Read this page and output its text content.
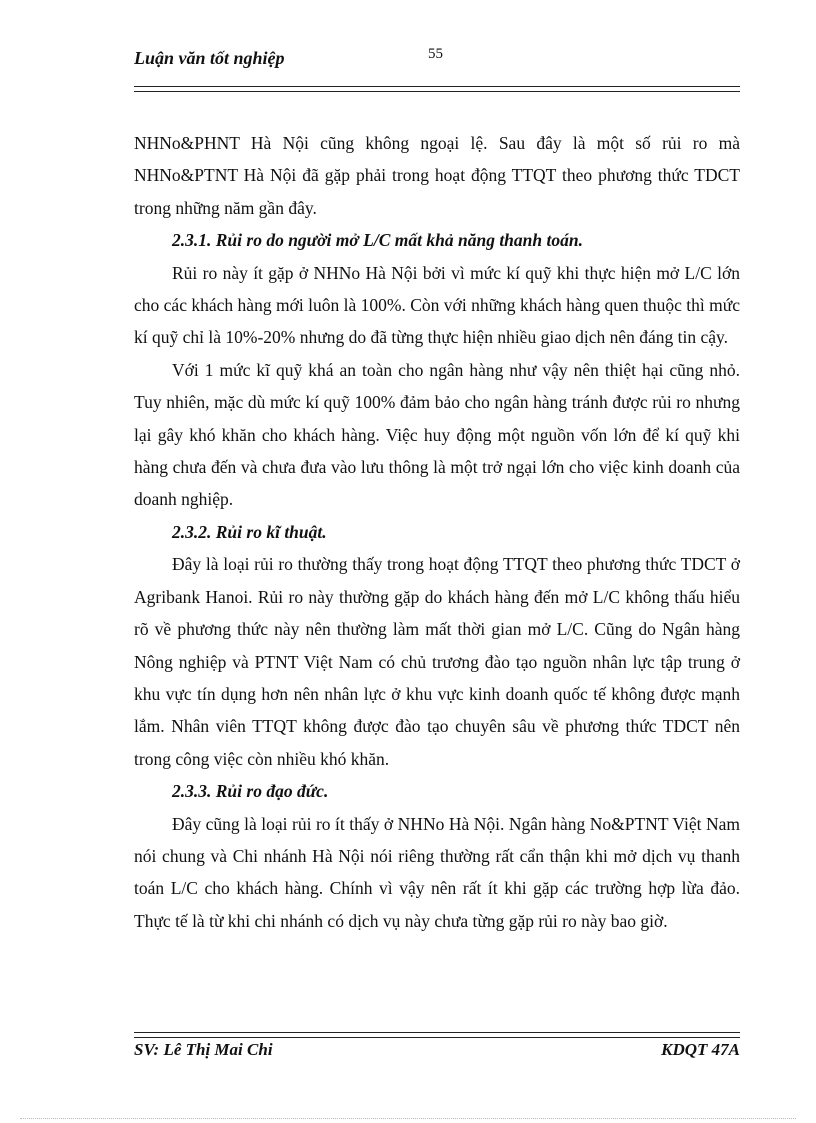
Luận văn tốt nghiệp	55

NHNo&PHNT Hà Nội cũng không ngoại lệ. Sau đây là một số rủi ro mà NHNo&PTNT Hà Nội đã gặp phải trong hoạt động TTQT theo phương thức TDCT trong những năm gần đây.

2.3.1. Rủi ro do người mở L/C mất khả năng thanh toán.

Rủi ro này ít gặp ở NHNo Hà Nội bởi vì mức kí quỹ khi thực hiện mở L/C lớn cho các khách hàng mới luôn là 100%. Còn với những khách hàng quen thuộc thì mức kí quỹ chỉ là 10%-20% nhưng do đã từng thực hiện nhiều giao dịch nên đáng tin cậy.

Với 1 mức kĩ quỹ khá an toàn cho ngân hàng như vậy nên thiệt hại cũng nhỏ. Tuy nhiên, mặc dù mức kí quỹ 100% đảm bảo cho ngân hàng tránh được rủi ro nhưng lại gây khó khăn cho khách hàng. Việc huy động một nguồn vốn lớn để kí quỹ khi hàng chưa đến và chưa đưa vào lưu thông là một trở ngại lớn cho việc kinh doanh của doanh nghiệp.

2.3.2. Rủi ro kĩ thuật.

Đây là loại rủi ro thường thấy trong hoạt động TTQT theo phương thức TDCT ở Agribank Hanoi. Rủi ro này thường gặp do khách hàng đến mở L/C không thấu hiểu rõ về phương thức này nên thường làm mất thời gian mở L/C. Cũng do Ngân hàng Nông nghiệp và PTNT Việt Nam có chủ trương đào tạo nguồn nhân lực tập trung ở khu vực tín dụng hơn nên nhân lực ở khu vực kinh doanh quốc tế không được mạnh lắm. Nhân viên TTQT không được đào tạo chuyên sâu về phương thức TDCT nên trong công việc còn nhiều khó khăn.

2.3.3. Rủi ro đạo đức.

Đây cũng là loại rủi ro ít thấy ở NHNo Hà Nội. Ngân hàng No&PTNT Việt Nam nói chung và Chi nhánh Hà Nội nói riêng thường rất cẩn thận khi mở dịch vụ thanh toán L/C cho khách hàng. Chính vì vậy nên rất ít khi gặp các trường hợp lừa đảo. Thực tế là từ khi chi nhánh có dịch vụ này chưa từng gặp rủi ro này bao giờ.

SV: Lê Thị Mai Chi	KDQT 47A
